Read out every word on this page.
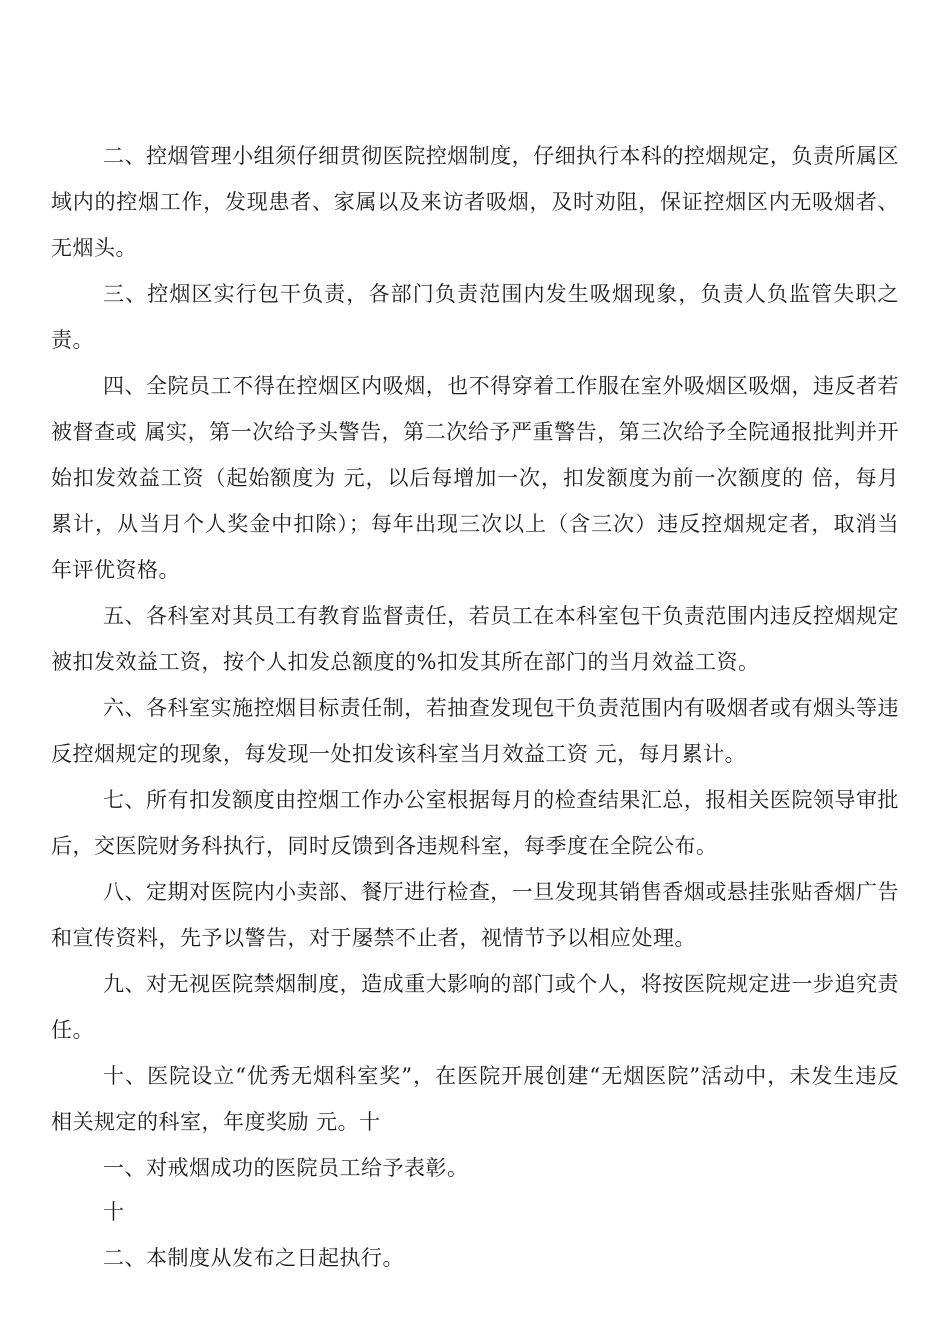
二、控烟管理小组须仔细贯彻医院控烟制度，仔细执行本科的控烟规定，负责所属区域内的控烟工作，发现患者、家属以及来访者吸烟，及时劝阻，保证控烟区内无吸烟者、无烟头。

三、控烟区实行包干负责，各部门负责范围内发生吸烟现象，负责人负监管失职之责。

四、全院员工不得在控烟区内吸烟，也不得穿着工作服在室外吸烟区吸烟，违反者若被督查或 属实，第一次给予头警告，第二次给予严重警告，第三次给予全院通报批判并开始扣发效益工资（起始额度为 元，以后每增加一次，扣发额度为前一次额度的 倍，每月累计，从当月个人奖金中扣除）；每年出现三次以上（含三次）违反控烟规定者，取消当年评优资格。

五、各科室对其员工有教育监督责任，若员工在本科室包干负责范围内违反控烟规定被扣发效益工资，按个人扣发总额度的%扣发其所在部门的当月效益工资。

六、各科室实施控烟目标责任制，若抽查发现包干负责范围内有吸烟者或有烟头等违反控烟规定的现象，每发现一处扣发该科室当月效益工资 元，每月累计。

七、所有扣发额度由控烟工作办公室根据每月的检查结果汇总，报相关医院领导审批后，交医院财务科执行，同时反馈到各违规科室，每季度在全院公布。

八、定期对医院内小卖部、餐厅进行检查，一旦发现其销售香烟或悬挂张贴香烟广告和宣传资料，先予以警告，对于屡禁不止者，视情节予以相应处理。

九、对无视医院禁烟制度，造成重大影响的部门或个人，将按医院规定进一步追究责任。

十、医院设立“优秀无烟科室奖”，在医院开展创建“无烟医院”活动中，未发生违反相关规定的科室，年度奖励 元。十

一、对戒烟成功的医院员工给予表彰。

十

二、本制度从发布之日起执行。
